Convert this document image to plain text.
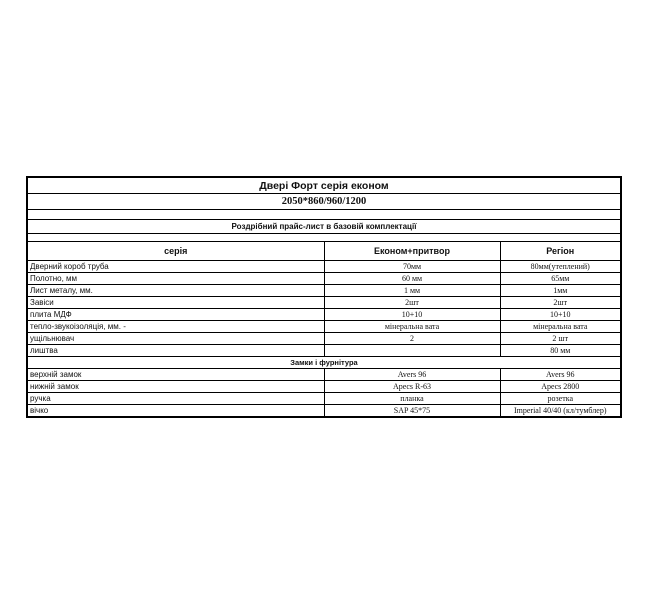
Двері Форт серія економ
2050*860/960/1200
Роздрібний прайс-лист в базовій комплектації
серія	Економ+притвор	Регіон
Дверний короб труба	70мм	80мм(утеплений)
Полотно, мм	60 мм	65мм
Лист металу, мм.	1 мм	1мм
Завіси	2шт	2шт
плита МДФ	10+10	10+10
тепло-звукоізоляція, мм. -	мінеральна вата	мінеральна вата
ущільнювач	2	2 шт
лиштва		80 мм
Замки і фурнітура		
верхній замок	Avers 96	Avers 96
нижній замок	Apecs R-63	Apecs 2800
ручка	планка	розетка
вічко	SAP 45*75	Imperial 40/40 (кл/тумблер)
